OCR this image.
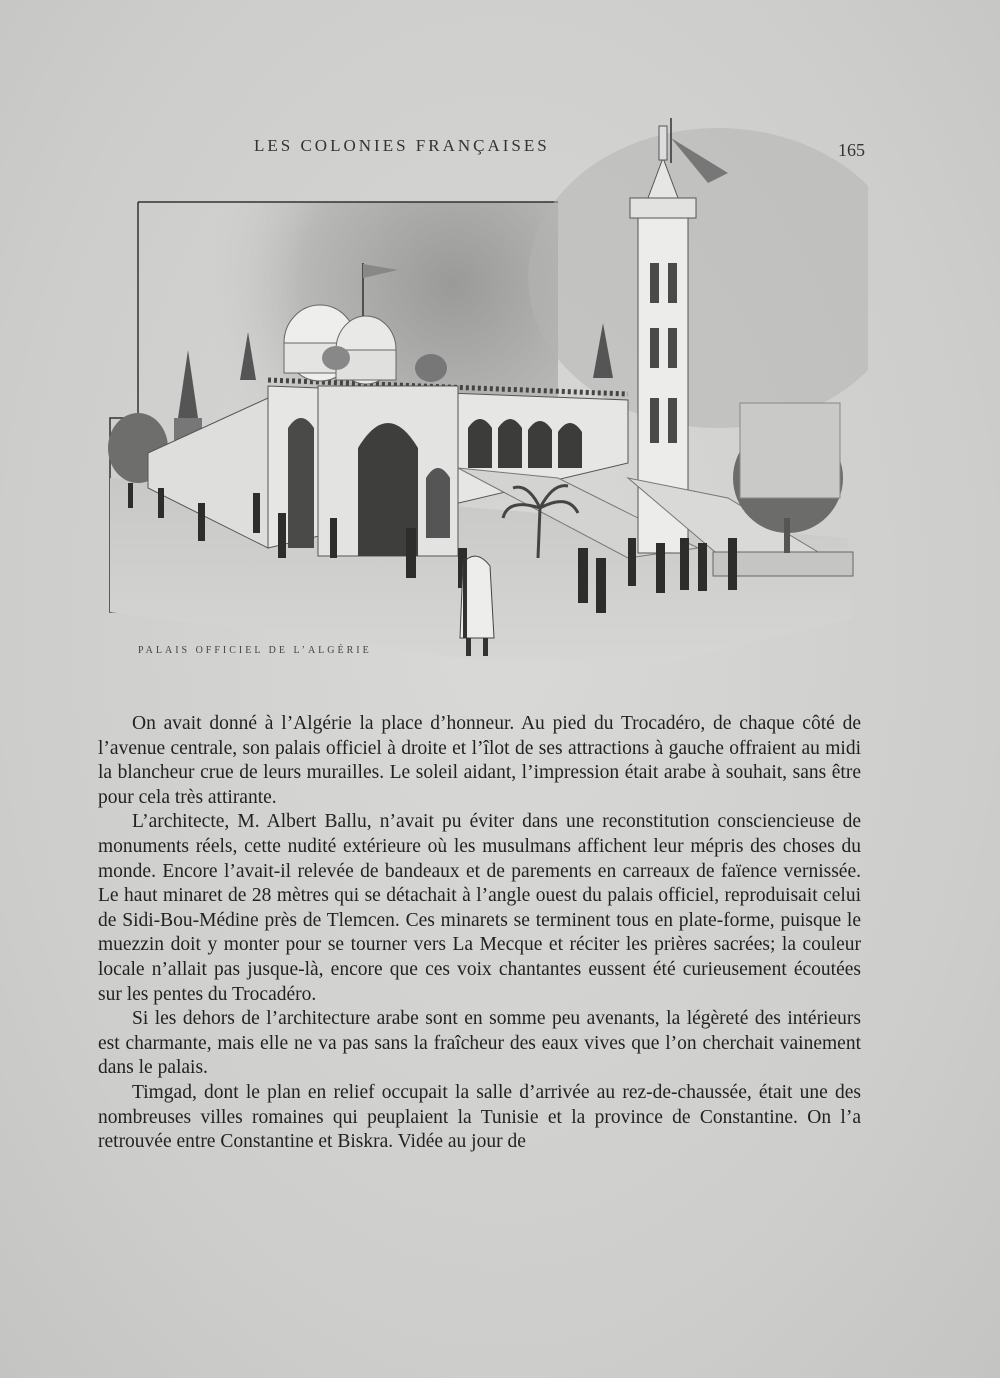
LES COLONIES FRANÇAISES	165
PALAIS OFFICIEL DE L’ALGÉRIE

On avait donné à l’Algérie la place d’honneur. Au pied du Trocadéro, de chaque côté de l’avenue centrale, son palais officiel à droite et l’îlot de ses attractions à gauche offraient au midi la blancheur crue de leurs murailles. Le soleil aidant, l’impression était arabe à souhait, sans être pour cela très attirante.

L’architecte, M. Albert Ballu, n’avait pu éviter dans une reconstitution consciencieuse de monuments réels, cette nudité extérieure où les musulmans affichent leur mépris des choses du monde. Encore l’avait-il relevée de bandeaux et de parements en carreaux de faïence vernissée. Le haut minaret de 28 mètres qui se détachait à l’angle ouest du palais officiel, reproduisait celui de Sidi-Bou-Médine près de Tlemcen. Ces minarets se terminent tous en plate-forme, puisque le muezzin doit y monter pour se tourner vers La Mecque et réciter les prières sacrées; la couleur locale n’allait pas jusque-là, encore que ces voix chantantes eussent été curieusement écoutées sur les pentes du Trocadéro.

Si les dehors de l’architecture arabe sont en somme peu avenants, la légèreté des intérieurs est charmante, mais elle ne va pas sans la fraîcheur des eaux vives que l’on cherchait vainement dans le palais.

Timgad, dont le plan en relief occupait la salle d’arrivée au rez-de-chaussée, était une des nombreuses villes romaines qui peuplaient la Tunisie et la province de Constantine. On l’a retrouvée entre Constantine et Biskra. Vidée au jour de
